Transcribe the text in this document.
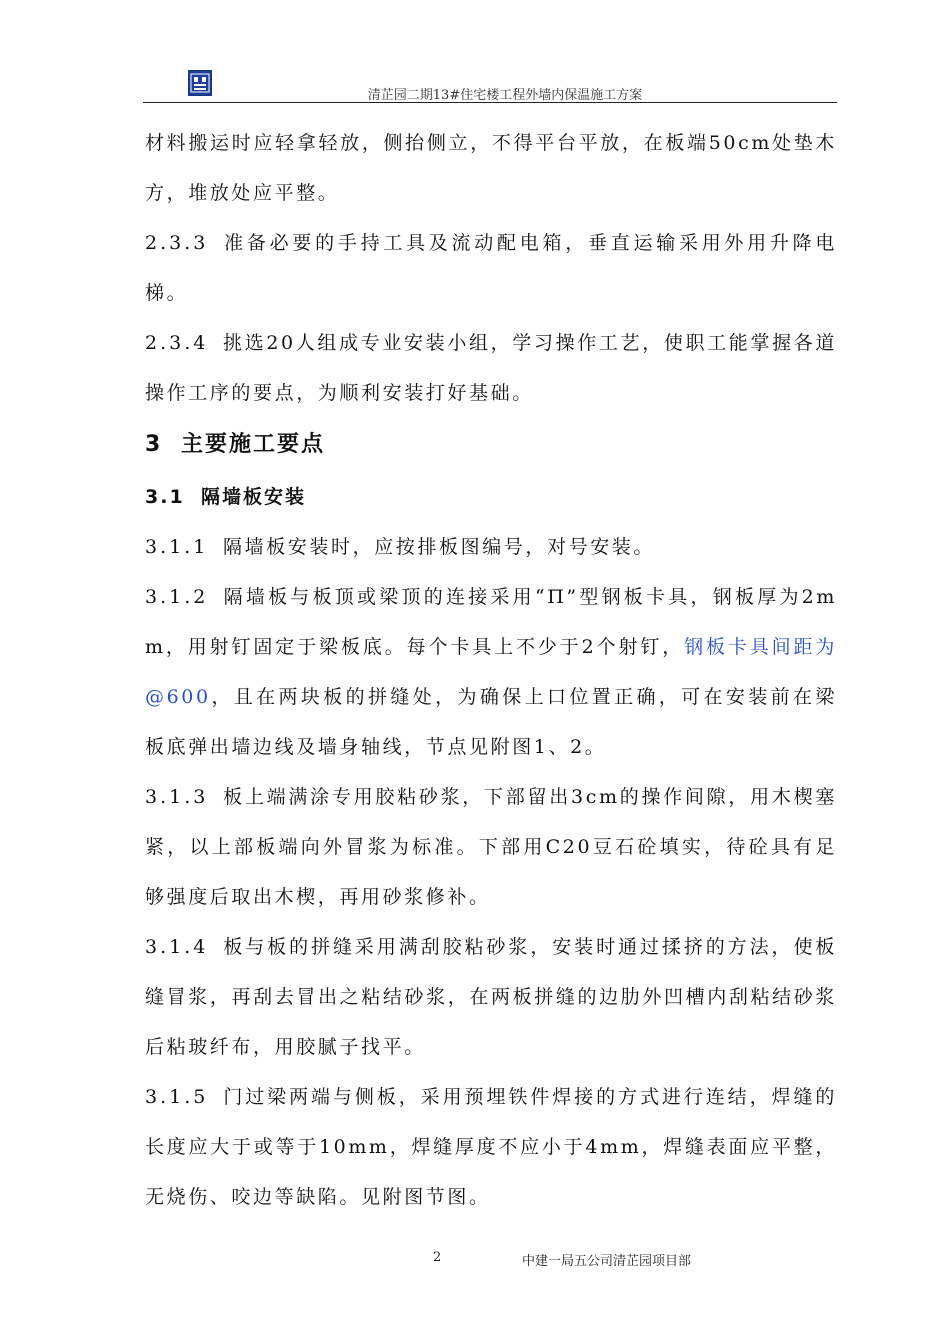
清芷园二期13#住宅楼工程外墙内保温施工方案

材料搬运时应轻拿轻放，侧抬侧立，不得平台平放，在板端50cm处垫木方，堆放处应平整。

2.3.3 准备必要的手持工具及流动配电箱，垂直运输采用外用升降电梯。

2.3.4 挑选20人组成专业安装小组，学习操作工艺，使职工能掌握各道操作工序的要点，为顺利安装打好基础。

3 主要施工要点
3.1 隔墙板安装

3.1.1 隔墙板安装时，应按排板图编号，对号安装。

3.1.2 隔墙板与板顶或梁顶的连接采用“Π”型钢板卡具，钢板厚为2mm，用射钉固定于梁板底。每个卡具上不少于2个射钉，钢板卡具间距为@600，且在两块板的拼缝处，为确保上口位置正确，可在安装前在梁板底弹出墙边线及墙身轴线，节点见附图1、2。

3.1.3 板上端满涂专用胶粘砂浆，下部留出3cm的操作间隙，用木楔塞紧，以上部板端向外冒浆为标准。下部用C20豆石砼填实，待砼具有足够强度后取出木楔，再用砂浆修补。

3.1.4 板与板的拼缝采用满刮胶粘砂浆，安装时通过揉挤的方法，使板缝冒浆，再刮去冒出之粘结砂浆，在两板拼缝的边肋外凹槽内刮粘结砂浆后粘玻纤布，用胶腻子找平。

3.1.5 门过梁两端与侧板，采用预埋铁件焊接的方式进行连结，焊缝的长度应大于或等于10mm，焊缝厚度不应小于4mm，焊缝表面应平整，无烧伤、咬边等缺陷。见附图节图。

2	中建一局五公司清芷园项目部
